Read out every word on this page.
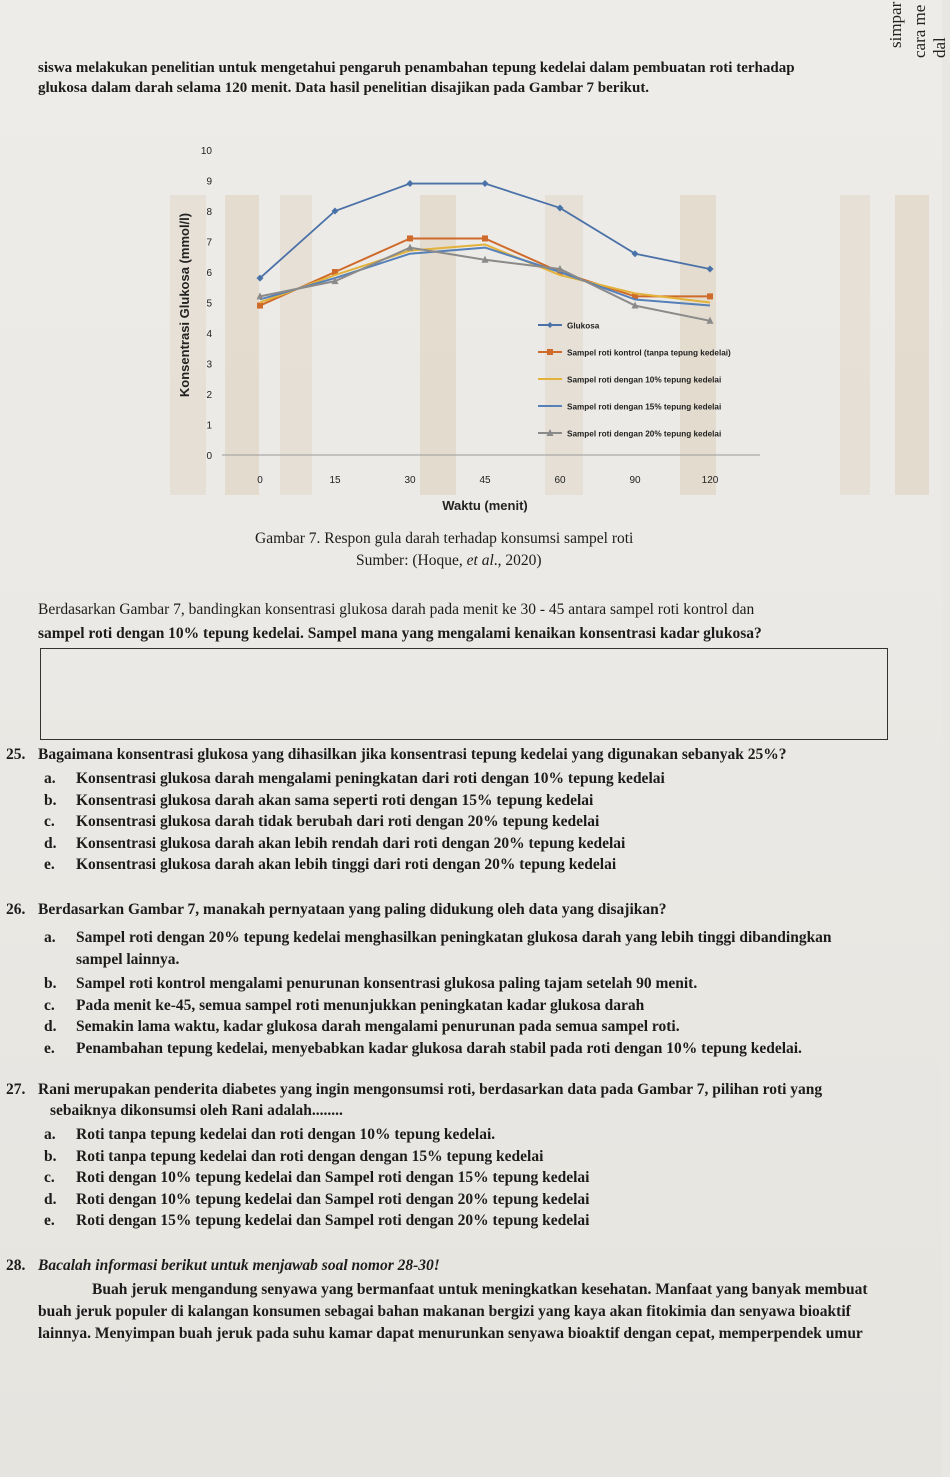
simpar cara me dal
siswa melakukan penelitian untuk mengetahui pengaruh penambahan tepung kedelai dalam pembuatan roti terhadap
glukosa dalam darah selama 120 menit. Data hasil penelitian disajikan pada Gambar 7 berikut.
0
1
2
3
4
5
6
7
8
9
10
0	15	30	45	60	90	120
Konsentrasi Glukosa (mmol/l)
Waktu (menit)
Glukosa
Sampel roti kontrol (tanpa tepung kedelai)
Sampel roti dengan 10% tepung kedelai
Sampel roti dengan 15% tepung kedelai
Sampel roti dengan 20% tepung kedelai
Gambar 7. Respon gula darah terhadap konsumsi sampel roti
Sumber: (Hoque, et al., 2020)
Berdasarkan Gambar 7, bandingkan konsentrasi glukosa darah pada menit ke 30 - 45 antara sampel roti kontrol dan
sampel roti dengan 10% tepung kedelai. Sampel mana yang mengalami kenaikan konsentrasi kadar glukosa?
25. Bagaimana konsentrasi glukosa yang dihasilkan jika konsentrasi tepung kedelai yang digunakan sebanyak 25%?
a. Konsentrasi glukosa darah mengalami peningkatan dari roti dengan 10% tepung kedelai
b. Konsentrasi glukosa darah akan sama seperti roti dengan 15% tepung kedelai
c. Konsentrasi glukosa darah tidak berubah dari roti dengan 20% tepung kedelai
d. Konsentrasi glukosa darah akan lebih rendah dari roti dengan 20% tepung kedelai
e. Konsentrasi glukosa darah akan lebih tinggi dari roti dengan 20% tepung kedelai
26. Berdasarkan Gambar 7, manakah pernyataan yang paling didukung oleh data yang disajikan?
a. Sampel roti dengan 20% tepung kedelai menghasilkan peningkatan glukosa darah yang lebih tinggi dibandingkan
sampel lainnya.
b. Sampel roti kontrol mengalami penurunan konsentrasi glukosa paling tajam setelah 90 menit.
c. Pada menit ke-45, semua sampel roti menunjukkan peningkatan kadar glukosa darah
d. Semakin lama waktu, kadar glukosa darah mengalami penurunan pada semua sampel roti.
e. Penambahan tepung kedelai, menyebabkan kadar glukosa darah stabil pada roti dengan 10% tepung kedelai.
27. Rani merupakan penderita diabetes yang ingin mengonsumsi roti, berdasarkan data pada Gambar 7, pilihan roti yang
sebaiknya dikonsumsi oleh Rani adalah........
a. Roti tanpa tepung kedelai dan roti dengan 10% tepung kedelai.
b. Roti tanpa tepung kedelai dan roti dengan dengan 15% tepung kedelai
c. Roti dengan 10% tepung kedelai dan Sampel roti dengan 15% tepung kedelai
d. Roti dengan 10% tepung kedelai dan Sampel roti dengan 20% tepung kedelai
e. Roti dengan 15% tepung kedelai dan Sampel roti dengan 20% tepung kedelai
28. Bacalah informasi berikut untuk menjawab soal nomor 28-30!
Buah jeruk mengandung senyawa yang bermanfaat untuk meningkatkan kesehatan. Manfaat yang banyak membuat
buah jeruk populer di kalangan konsumen sebagai bahan makanan bergizi yang kaya akan fitokimia dan senyawa bioaktif
lainnya. Menyimpan buah jeruk pada suhu kamar dapat menurunkan senyawa bioaktif dengan cepat, memperpendek umur
